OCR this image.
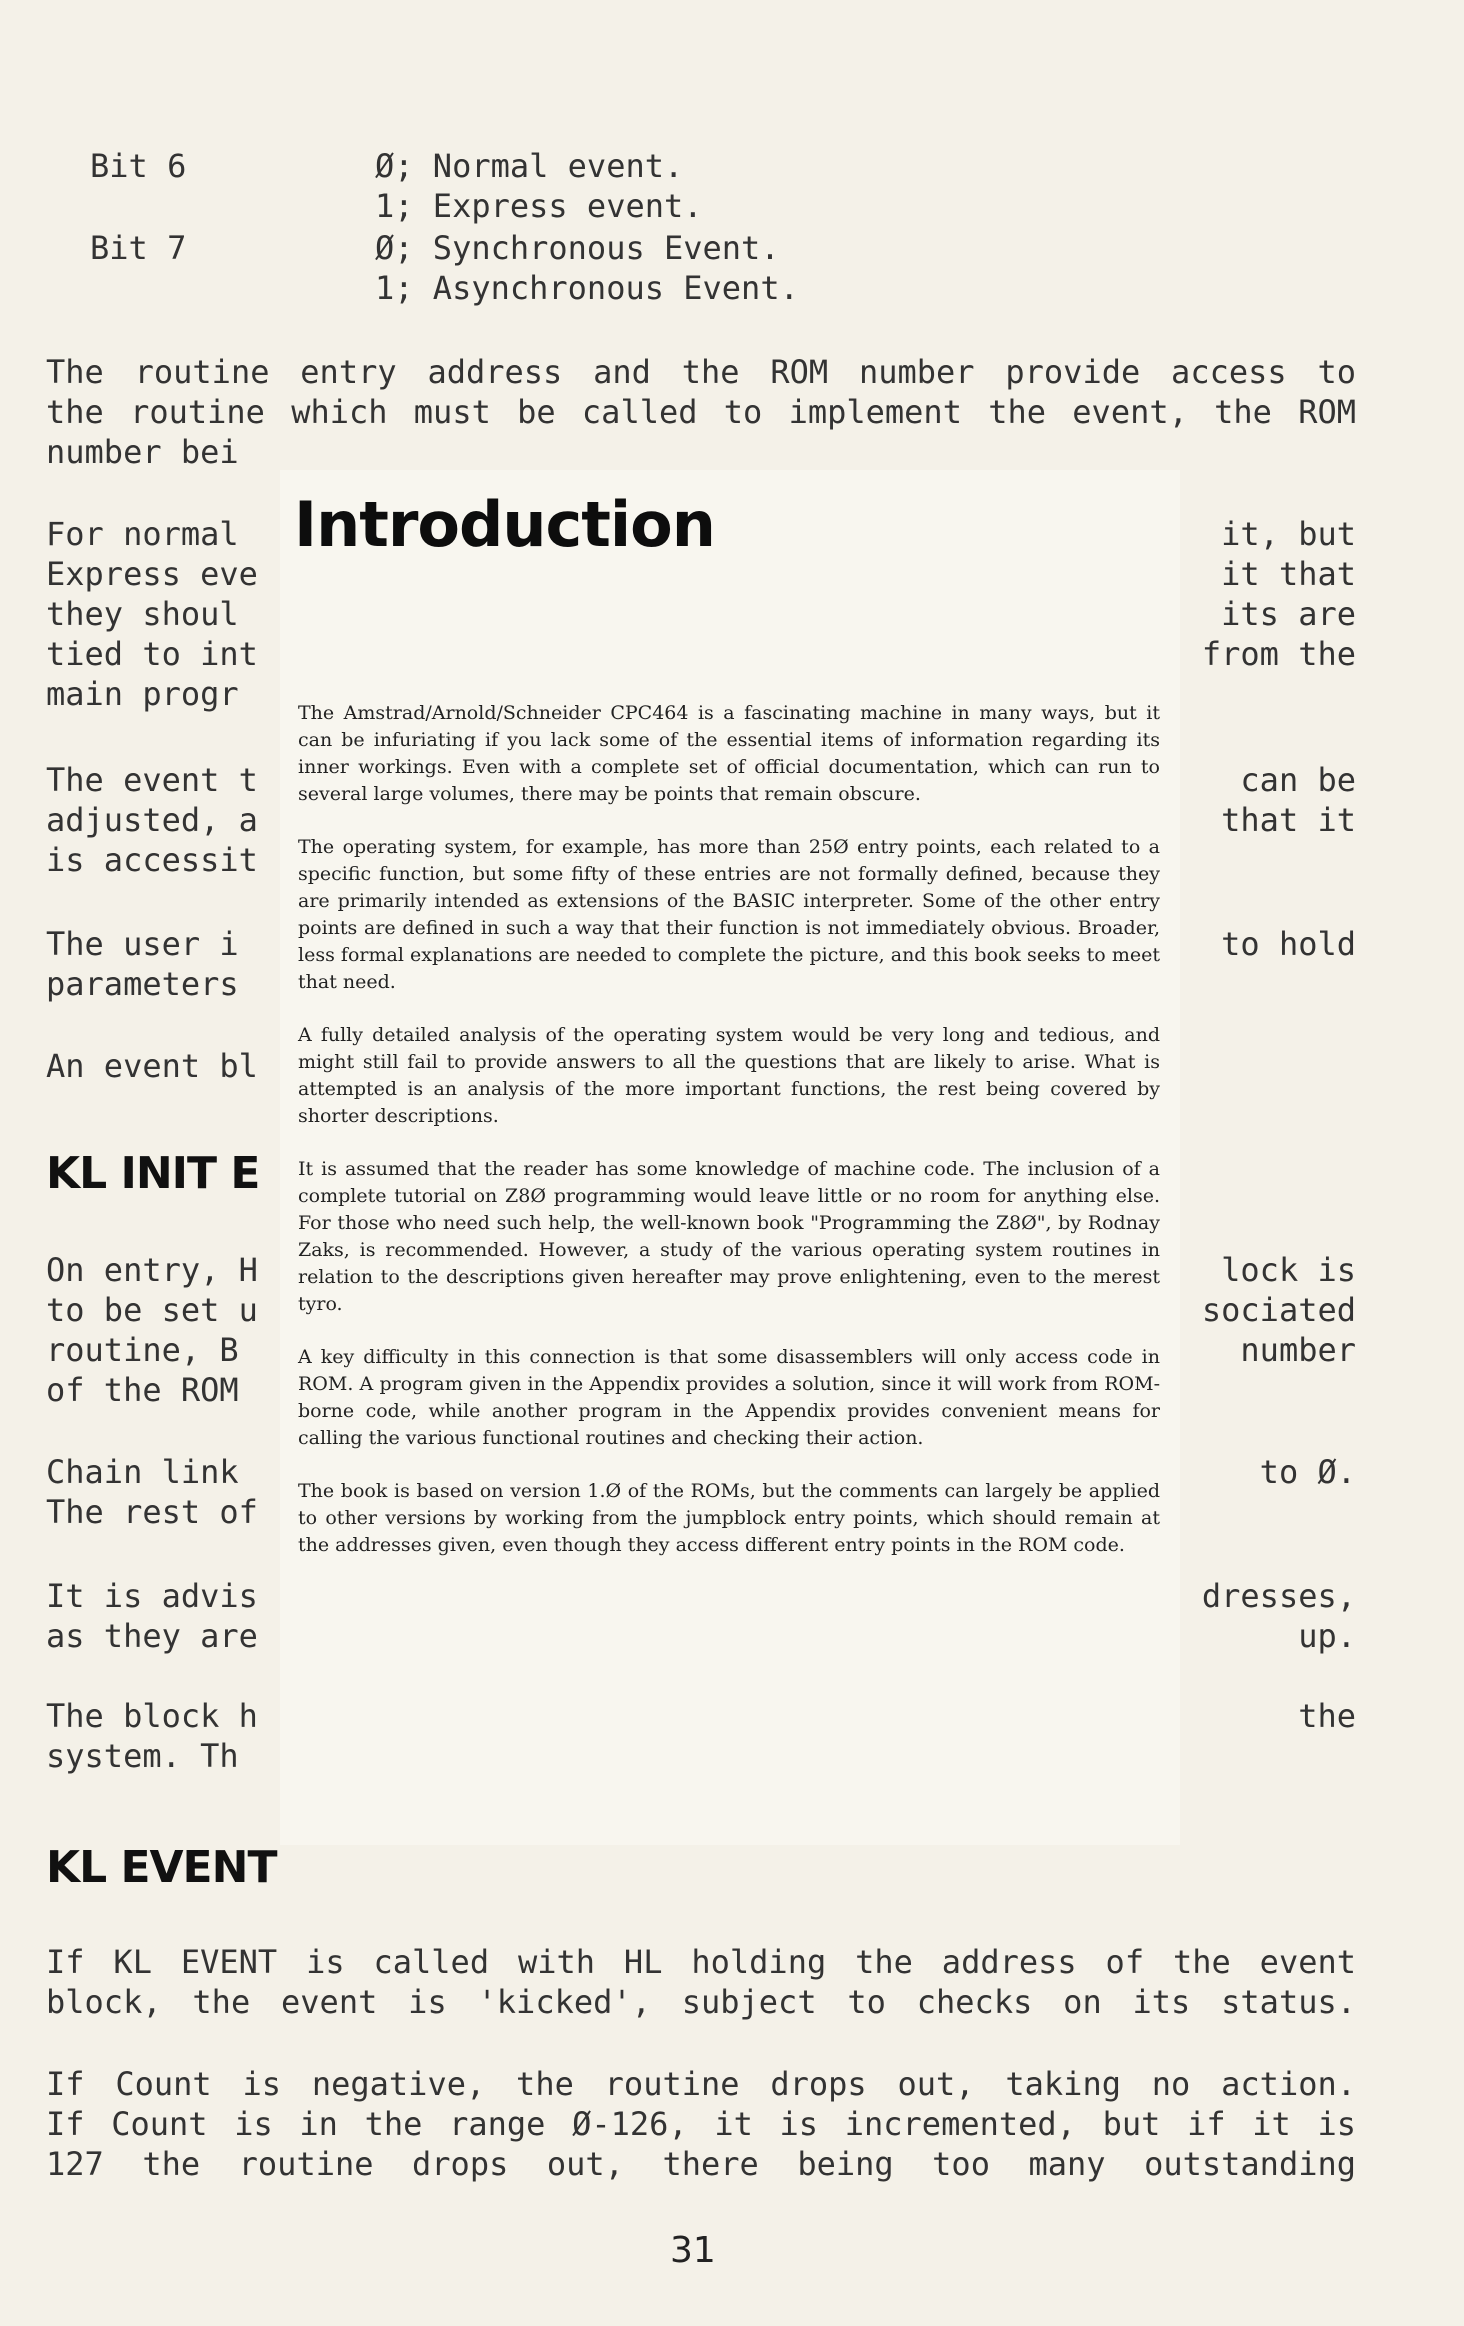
Bit 6	Ø; Normal event.
1; Express event.
Bit 7	Ø; Synchronous Event.
1; Asynchronous Event.
The routine entry address and the ROM number provide access to
the routine which must be called to implement the event, the ROM
number bei
For normal
Express eve
they shoul
tied to int
main progr
The event t
adjusted, a
is accessit
The user i
parameters
An event bl
KL INIT E
On entry, H
to be set u
routine, B
of the ROM
Chain link
The rest of
It is advis
as they are
The block h
system. Th
it, but
it that
its are
from the
can be
that it
to hold
lock is
sociated
number
to Ø.
dresses,
up.
the
Introduction

The Amstrad/Arnold/Schneider CPC464 is a fascinating machine in many ways, but it can be infuriating if you lack some of the essential items of information regarding its inner workings. Even with a complete set of official documentation, which can run to several large volumes, there may be points that remain obscure.

The operating system, for example, has more than 25Ø entry points, each related to a specific function, but some fifty of these entries are not formally defined, because they are primarily intended as extensions of the BASIC interpreter. Some of the other entry points are defined in such a way that their function is not immediately obvious. Broader, less formal explanations are needed to complete the picture, and this book seeks to meet that need.

A fully detailed analysis of the operating system would be very long and tedious, and might still fail to provide answers to all the questions that are likely to arise. What is attempted is an analysis of the more important functions, the rest being covered by shorter descriptions.

It is assumed that the reader has some knowledge of machine code. The inclusion of a complete tutorial on Z8Ø programming would leave little or no room for anything else. For those who need such help, the well-known book "Programming the Z8Ø", by Rodnay Zaks, is recommended. However, a study of the various operating system routines in relation to the descriptions given hereafter may prove enlightening, even to the merest tyro.

A key difficulty in this connection is that some disassemblers will only access code in ROM. A program given in the Appendix provides a solution, since it will work from ROM-borne code, while another program in the Appendix provides convenient means for calling the various functional routines and checking their action.

The book is based on version 1.Ø of the ROMs, but the comments can largely be applied to other versions by working from the jumpblock entry points, which should remain at the addresses given, even though they access different entry points in the ROM code.

KL EVENT
If KL EVENT is called with HL holding the address of the event
block, the event is 'kicked', subject to checks on its status.
If Count is negative, the routine drops out, taking no action.
If Count is in the range Ø-126, it is incremented, but if it is
127 the routine drops out, there being too many outstanding
31
